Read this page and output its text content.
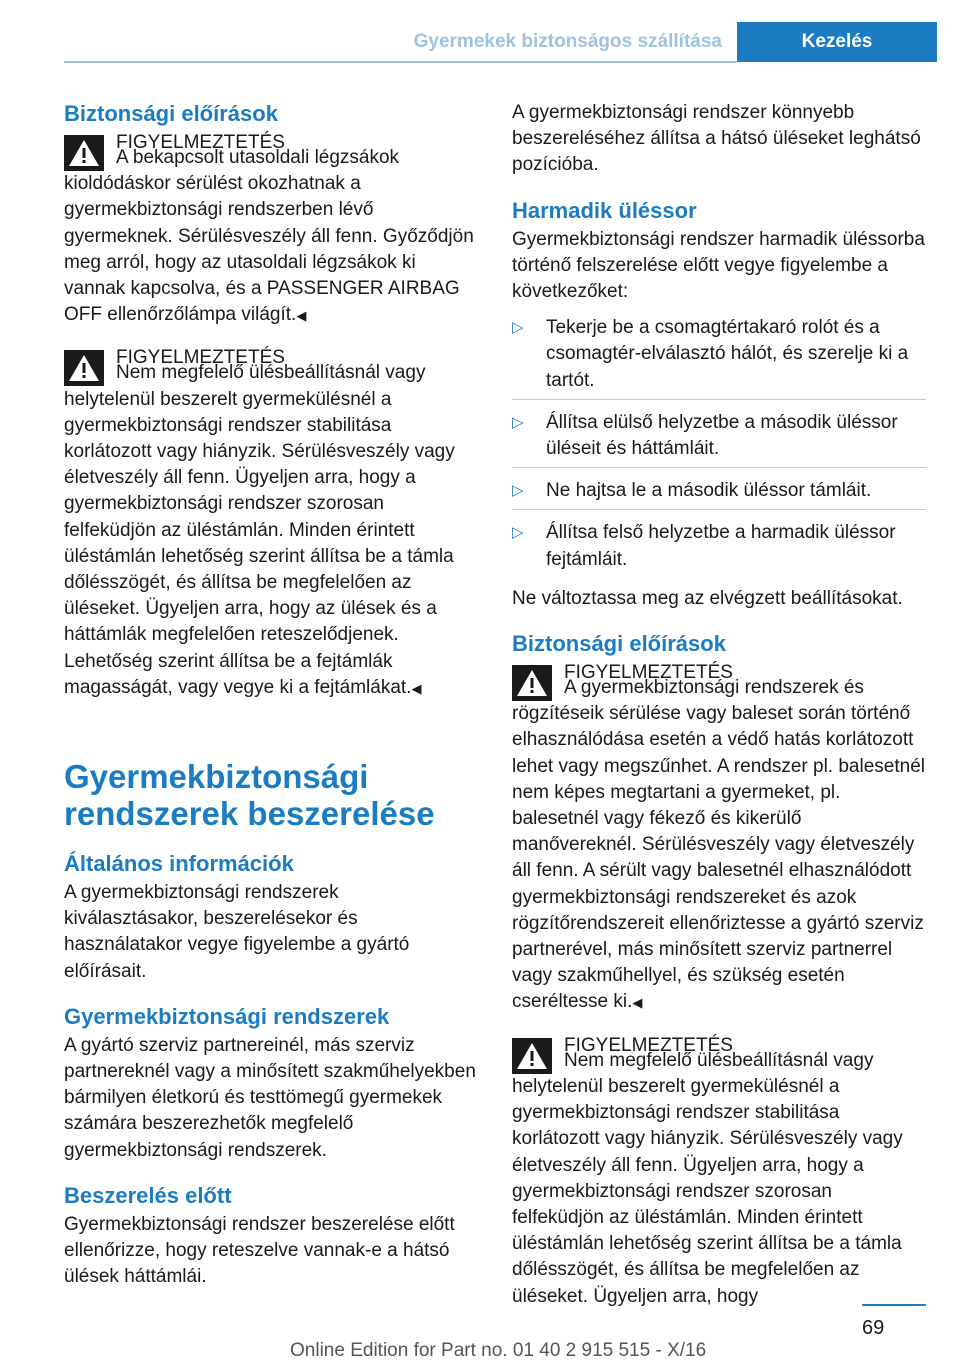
Gyermekek biztonságos szállítása	Kezelés
Biztonsági előírások
FIGYELMEZTETÉS
A bekapcsolt utasoldali légzsákok kioldódáskor sérülést okozhatnak a gyermekbiztonsági rendszerben lévő gyermeknek. Sérülésveszély áll fenn. Győződjön meg arról, hogy az utasoldali légzsákok ki vannak kapcsolva, és a PASSENGER AIRBAG OFF ellenőrzőlámpa világít.◀
FIGYELMEZTETÉS
Nem megfelelő ülésbeállításnál vagy helytelenül beszerelt gyermekülésnél a gyermekbiztonsági rendszer stabilitása korlátozott vagy hiányzik. Sérülésveszély vagy életveszély áll fenn. Ügyeljen arra, hogy a gyermekbiztonsági rendszer szorosan felfeküdjön az üléstámlán. Minden érintett üléstámlán lehetőség szerint állítsa be a támla dőlésszögét, és állítsa be megfelelően az üléseket. Ügyeljen arra, hogy az ülések és a háttámlák megfelelően reteszelődjenek. Lehetőség szerint állítsa be a fejtámlák magasságát, vagy vegye ki a fejtámlákat.◀
Gyermekbiztonsági rendszerek beszerelése
Általános információk

A gyermekbiztonsági rendszerek kiválasztásakor, beszerelésekor és használatakor vegye figyelembe a gyártó előírásait.

Gyermekbiztonsági rendszerek

A gyártó szerviz partnereinél, más szerviz partnereknél vagy a minősített szakműhelyekben bármilyen életkorú és testtömegű gyermekek számára beszerezhetők megfelelő gyermekbiztonsági rendszerek.

Beszerelés előtt

Gyermekbiztonsági rendszer beszerelése előtt ellenőrizze, hogy reteszelve vannak-e a hátsó ülések háttámlái.

A gyermekbiztonsági rendszer könnyebb beszereléséhez állítsa a hátsó üléseket leghátsó pozícióba.

Harmadik üléssor

Gyermekbiztonsági rendszer harmadik üléssorba történő felszerelése előtt vegye figyelembe a következőket:

▷	Tekerje be a csomagtértakaró rolót és a csomagtér-elválasztó hálót, és szerelje ki a tartót.
▷	Állítsa elülső helyzetbe a második üléssor üléseit és háttámláit.
▷	Ne hajtsa le a második üléssor támláit.
▷	Állítsa felső helyzetbe a harmadik üléssor fejtámláit.

Ne változtassa meg az elvégzett beállításokat.

Biztonsági előírások
FIGYELMEZTETÉS
A gyermekbiztonsági rendszerek és rögzítéseik sérülése vagy baleset során történő elhasználódása esetén a védő hatás korlátozott lehet vagy megszűnhet. A rendszer pl. balesetnél nem képes megtartani a gyermeket, pl. balesetnél vagy fékező és kikerülő manővereknél. Sérülésveszély vagy életveszély áll fenn. A sérült vagy balesetnél elhasználódott gyermekbiztonsági rendszereket és azok rögzítőrendszereit ellenőriztesse a gyártó szerviz partnerével, más minősített szerviz partnerrel vagy szakműhellyel, és szükség esetén cseréltesse ki.◀
FIGYELMEZTETÉS
Nem megfelelő ülésbeállításnál vagy helytelenül beszerelt gyermekülésnél a gyermekbiztonsági rendszer stabilitása korlátozott vagy hiányzik. Sérülésveszély vagy életveszély áll fenn. Ügyeljen arra, hogy a gyermekbiztonsági rendszer szorosan felfeküdjön az üléstámlán. Minden érintett üléstámlán lehetőség szerint állítsa be a támla dőlésszögét, és állítsa be megfelelően az üléseket. Ügyeljen arra, hogy
69
Online Edition for Part no. 01 40 2 915 515 - X/16
